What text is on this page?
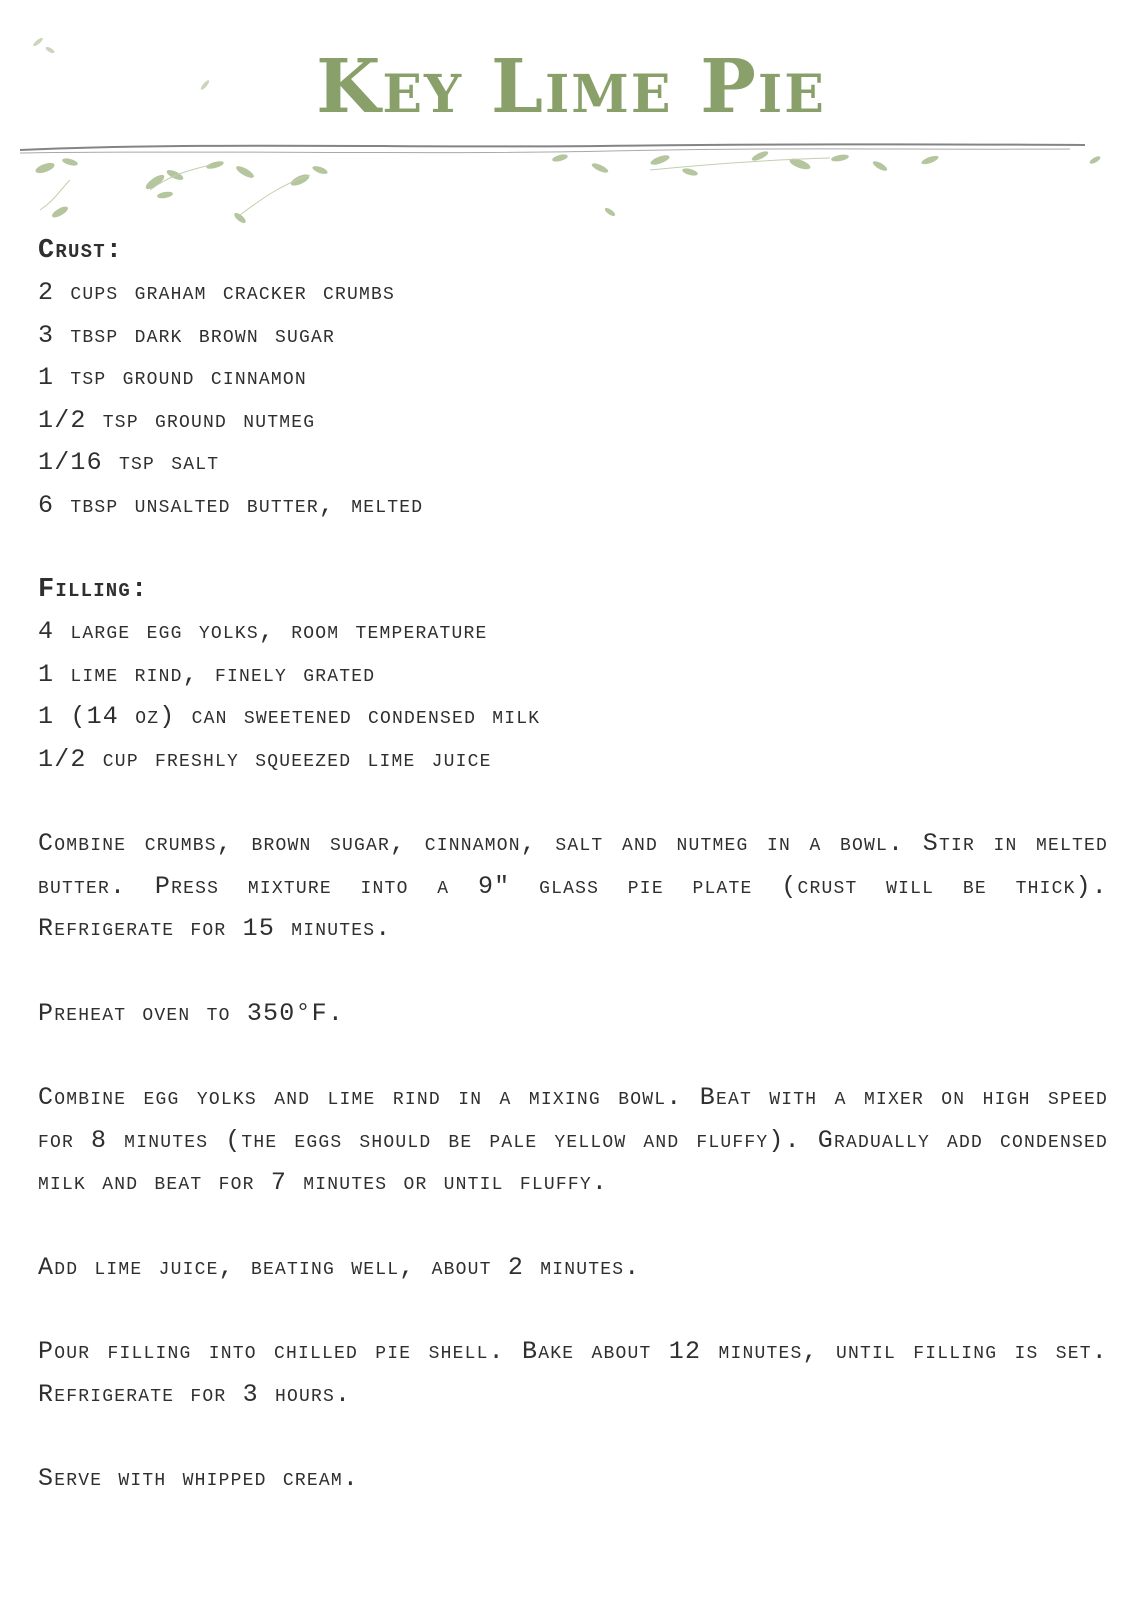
Key Lime Pie
Crust:
2 cups graham cracker crumbs
3 tbsp dark brown sugar
1 tsp ground cinnamon
1/2 tsp ground nutmeg
1/16 tsp salt
6 tbsp unsalted butter, melted
Filling:
4 large egg yolks, room temperature
1 lime rind, finely grated
1 (14 oz) can sweetened condensed milk
1/2 cup freshly squeezed lime juice

Combine crumbs, brown sugar, cinnamon, salt and nutmeg in a bowl. Stir in melted butter. Press mixture into a 9" glass pie plate (crust will be thick). Refrigerate for 15 minutes.

Preheat oven to 350°F.

Combine egg yolks and lime rind in a mixing bowl. Beat with a mixer on high speed for 8 minutes (the eggs should be pale yellow and fluffy). Gradually add condensed milk and beat for 7 minutes or until fluffy.

Add lime juice, beating well, about 2 minutes.

Pour filling into chilled pie shell. Bake about 12 minutes, until filling is set. Refrigerate for 3 hours.

Serve with whipped cream.
